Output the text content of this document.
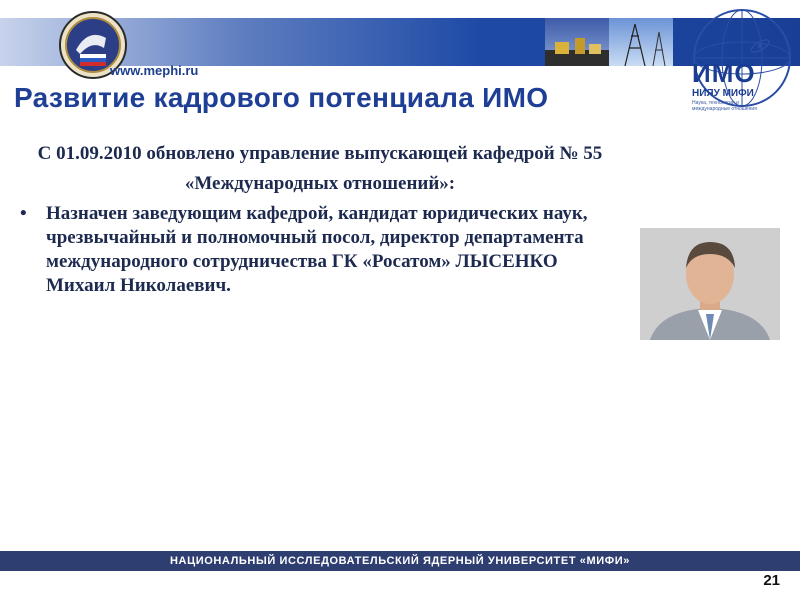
www.mephi.ru	ИМО
НИЯУ МИФИ
Наука, технологии и международные отношения
Развитие кадрового потенциала ИМО

С 01.09.2010 обновлено управление выпускающей кафедрой № 55

«Международных отношений»:

•	Назначен заведующим кафедрой, кандидат юридических наук, чрезвычайный и полномочный посол, директор департамента международного сотрудничества ГК «Росатом» ЛЫСЕНКО Михаил Николаевич.
НАЦИОНАЛЬНЫЙ ИССЛЕДОВАТЕЛЬСКИЙ ЯДЕРНЫЙ УНИВЕРСИТЕТ «МИФИ»
21
